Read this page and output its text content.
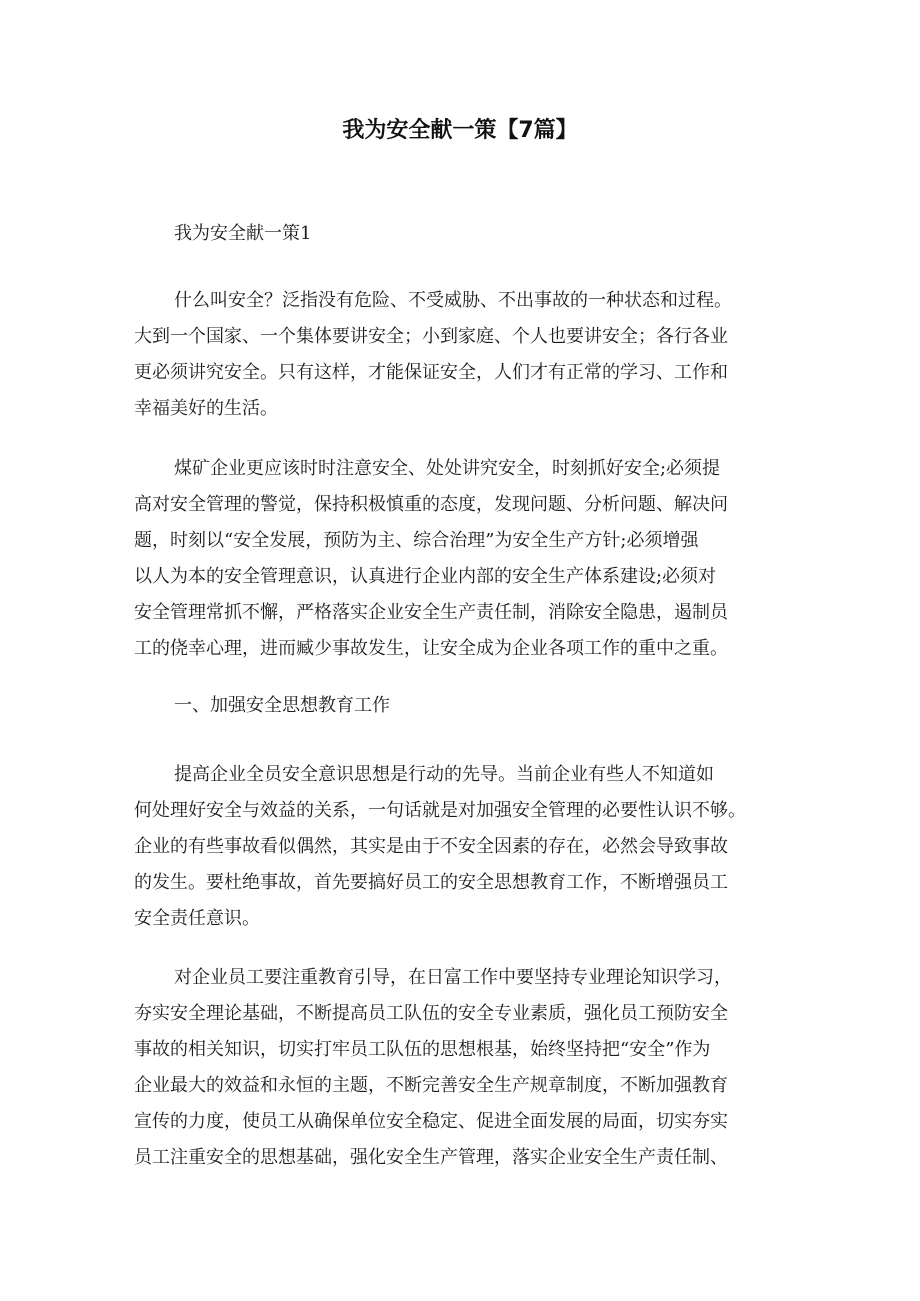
我为安全献一策【7篇】

我为安全献一策1

什么叫安全？泛指没有危险、不受威胁、不出事故的一种状态和过程。
大到一个国家、一个集体要讲安全；小到家庭、个人也要讲安全；各行各业
更必须讲究安全。只有这样，才能保证安全，人们才有正常的学习、工作和
幸福美好的生活。
煤矿企业更应该时时注意安全、处处讲究安全，时刻抓好安全;必须提
高对安全管理的警觉，保持积极慎重的态度，发现问题、分析问题、解决问
题，时刻以“安全发展，预防为主、综合治理”为安全生产方针;必须增强
以人为本的安全管理意识，认真进行企业内部的安全生产体系建设;必须对
安全管理常抓不懈，严格落实企业安全生产责任制，消除安全隐患，遏制员
工的侥幸心理，进而臧少事故发生，让安全成为企业各项工作的重中之重。

一、加强安全思想教育工作

提高企业全员安全意识思想是行动的先导。当前企业有些人不知道如
何处理好安全与效益的关系，一句话就是对加强安全管理的必要性认识不够。
企业的有些事故看似偶然，其实是由于不安全因素的存在，必然会导致事故
的发生。要杜绝事故，首先要搞好员工的安全思想教育工作，不断增强员工
安全责任意识。
对企业员工要注重教育引导，在日富工作中要坚持专业理论知识学习，
夯实安全理论基础，不断提高员工队伍的安全专业素质，强化员工预防安全
事故的相关知识，切实打牢员工队伍的思想根基，始终坚持把“安全”作为
企业最大的效益和永恒的主题，不断完善安全生产规章制度，不断加强教育
宣传的力度，使员工从确保单位安全稳定、促进全面发展的局面，切实夯实
员工注重安全的思想基础，强化安全生产管理，落实企业安全生产责任制、
